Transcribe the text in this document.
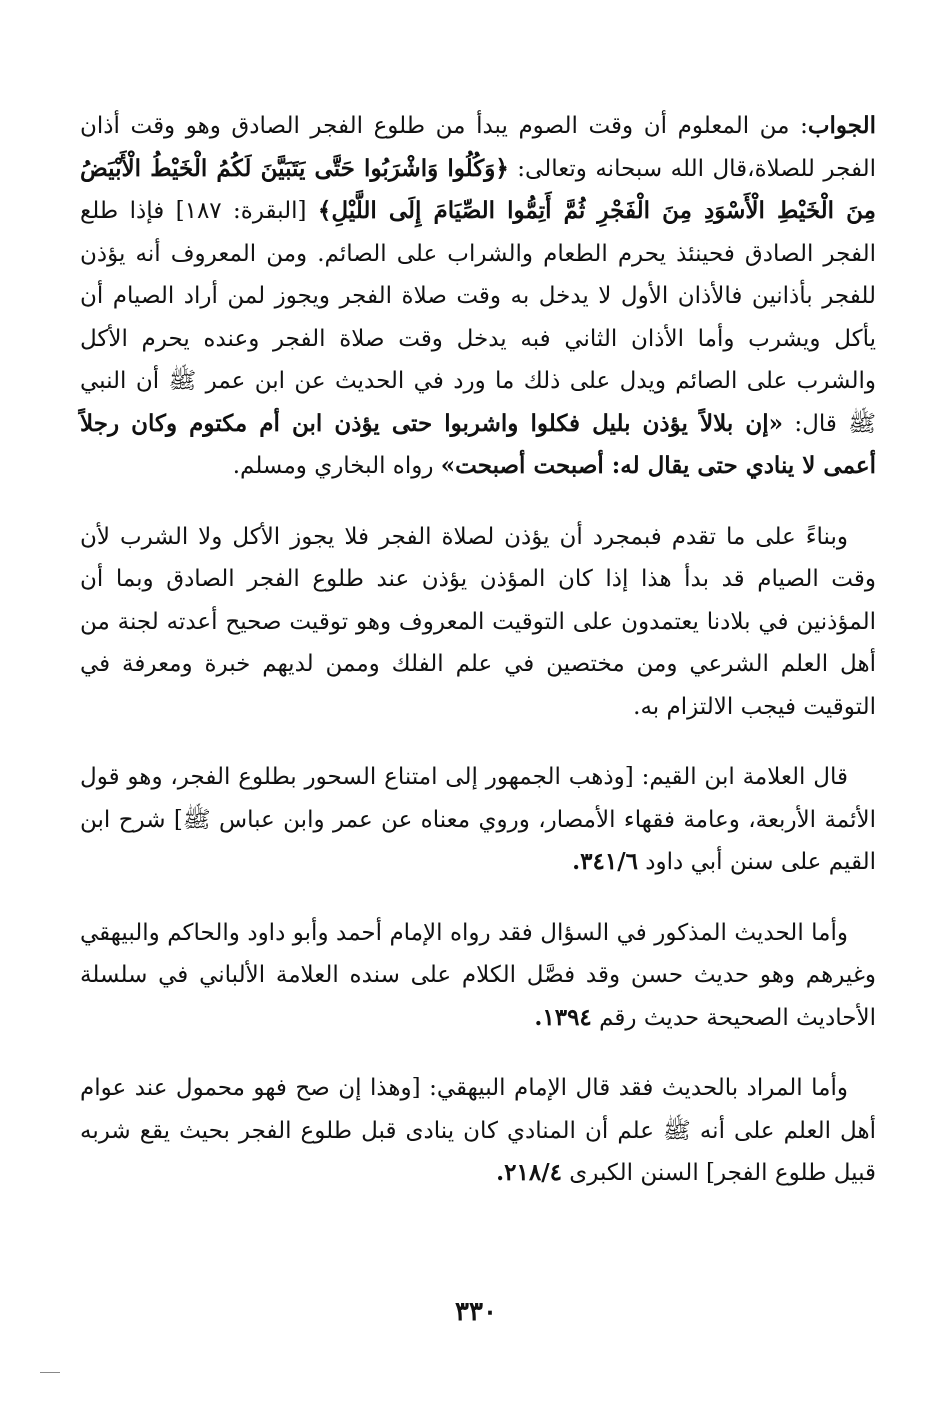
الجواب: من المعلوم أن وقت الصوم يبدأ من طلوع الفجر الصادق وهو وقت أذان الفجر للصلاة،قال الله سبحانه وتعالى: ﴿وَكُلُوا وَاشْرَبُوا حَتَّى يَتَبَيَّنَ لَكُمُ الْخَيْطُ الْأَبْيَضُ مِنَ الْخَيْطِ الْأَسْوَدِ مِنَ الْفَجْرِ ثُمَّ أَتِمُّوا الصِّيَامَ إِلَى اللَّيْلِ﴾ [البقرة: ١٨٧] فإذا طلع الفجر الصادق فحينئذ يحرم الطعام والشراب على الصائم. ومن المعروف أنه يؤذن للفجر بأذانين فالأذان الأول لا يدخل به وقت صلاة الفجر ويجوز لمن أراد الصيام أن يأكل ويشرب وأما الأذان الثاني فبه يدخل وقت صلاة الفجر وعنده يحرم الأكل والشرب على الصائم ويدل على ذلك ما ورد في الحديث عن ابن عمر ﷺ أن النبي ﷺ قال: «إن بلالاً يؤذن بليل فكلوا واشربوا حتى يؤذن ابن أم مكتوم وكان رجلاً أعمى لا ينادي حتى يقال له: أصبحت أصبحت» رواه البخاري ومسلم.

وبناءً على ما تقدم فبمجرد أن يؤذن لصلاة الفجر فلا يجوز الأكل ولا الشرب لأن وقت الصيام قد بدأ هذا إذا كان المؤذن يؤذن عند طلوع الفجر الصادق وبما أن المؤذنين في بلادنا يعتمدون على التوقيت المعروف وهو توقيت صحيح أعدته لجنة من أهل العلم الشرعي ومن مختصين في علم الفلك وممن لديهم خبرة ومعرفة في التوقيت فيجب الالتزام به.

قال العلامة ابن القيم: [وذهب الجمهور إلى امتناع السحور بطلوع الفجر، وهو قول الأئمة الأربعة، وعامة فقهاء الأمصار، وروي معناه عن عمر وابن عباس ﷺ] شرح ابن القيم على سنن أبي داود ٣٤١/٦.

وأما الحديث المذكور في السؤال فقد رواه الإمام أحمد وأبو داود والحاكم والبيهقي وغيرهم وهو حديث حسن وقد فصَّل الكلام على سنده العلامة الألباني في سلسلة الأحاديث الصحيحة حديث رقم ١٣٩٤.

وأما المراد بالحديث فقد قال الإمام البيهقي: [وهذا إن صح فهو محمول عند عوام أهل العلم على أنه ﷺ علم أن المنادي كان ينادى قبل طلوع الفجر بحيث يقع شربه قبيل طلوع الفجر] السنن الكبرى ٢١٨/٤.

٣٣٠
